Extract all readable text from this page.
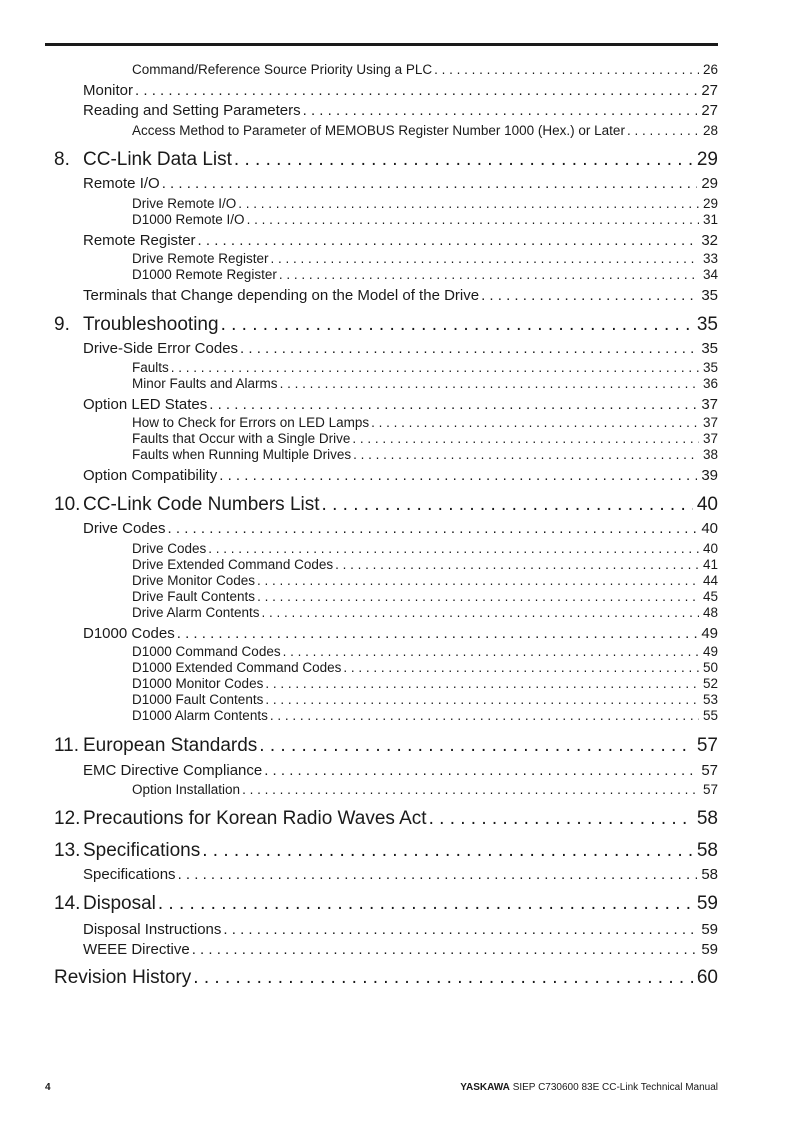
Command/Reference Source Priority Using a PLC . . .	26
Monitor . . .	27
Reading and Setting Parameters . . .	27
Access Method to Parameter of MEMOBUS Register Number 1000 (Hex.) or Later . . .	28
8. CC-Link Data List . . .	29
Remote I/O . . .	29
Drive Remote I/O . . .	29
D1000 Remote I/O . . .	31
Remote Register . . .	32
Drive Remote Register . . .	33
D1000 Remote Register . . .	34
Terminals that Change depending on the Model of the Drive . . .	35
9. Troubleshooting . . .	35
Drive-Side Error Codes . . .	35
Faults . . .	35
Minor Faults and Alarms . . .	36
Option LED States . . .	37
How to Check for Errors on LED Lamps . . .	37
Faults that Occur with a Single Drive . . .	37
Faults when Running Multiple Drives . . .	38
Option Compatibility . . .	39
10. CC-Link Code Numbers List . . .	40
Drive Codes . . .	40
Drive Codes . . .	40
Drive Extended Command Codes . . .	41
Drive Monitor Codes . . .	44
Drive Fault Contents . . .	45
Drive Alarm Contents . . .	48
D1000 Codes . . .	49
D1000 Command Codes . . .	49
D1000 Extended Command Codes . . .	50
D1000 Monitor Codes . . .	52
D1000 Fault Contents . . .	53
D1000 Alarm Contents . . .	55
11. European Standards . . .	57
EMC Directive Compliance . . .	57
Option Installation . . .	57
12. Precautions for Korean Radio Waves Act . . .	58
13. Specifications . . .	58
Specifications . . .	58
14. Disposal . . .	59
Disposal Instructions . . .	59
WEEE Directive . . .	59
Revision History . . .	60
4	YASKAWA SIEP C730600 83E CC-Link Technical Manual
